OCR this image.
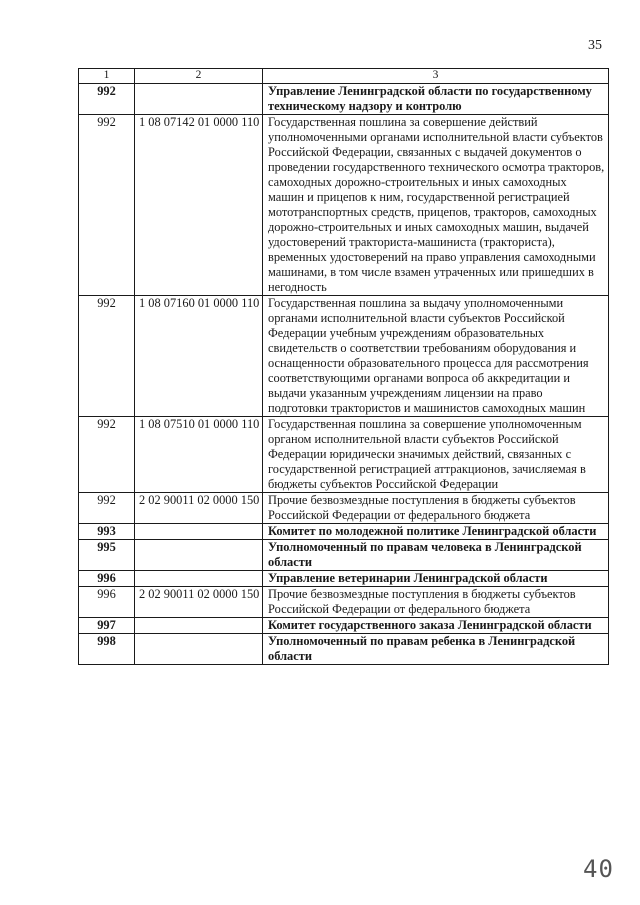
35
1	2	3
992		Управление Ленинградской области по государственному техническому надзору и контролю
992	1 08 07142 01 0000 110	Государственная пошлина за совершение действий уполномоченными органами исполнительной власти субъектов Российской Федерации, связанных с выдачей документов о проведении государственного технического осмотра тракторов, самоходных дорожно-строительных и иных самоходных машин и прицепов к ним, государственной регистрацией мототранспортных средств, прицепов, тракторов, самоходных дорожно-строительных и иных самоходных машин, выдачей удостоверений тракториста-машиниста (тракториста), временных удостоверений на право управления самоходными машинами, в том числе взамен утраченных или пришедших в негодность
992	1 08 07160 01 0000 110	Государственная пошлина за выдачу уполномоченными органами исполнительной власти субъектов Российской Федерации учебным учреждениям образовательных свидетельств о соответствии требованиям оборудования и оснащенности образовательного процесса для рассмотрения соответствующими органами вопроса об аккредитации и выдачи указанным учреждениям лицензии на право подготовки трактористов и машинистов самоходных машин
992	1 08 07510 01 0000 110	Государственная пошлина за совершение уполномоченным органом исполнительной власти субъектов Российской Федерации юридически значимых действий, связанных с государственной регистрацией аттракционов, зачисляемая в бюджеты субъектов Российской Федерации
992	2 02 90011 02 0000 150	Прочие безвозмездные поступления в бюджеты субъектов Российской Федерации от федерального бюджета
993		Комитет по молодежной политике Ленинградской области
995		Уполномоченный по правам человека в Ленинградской области
996		Управление ветеринарии Ленинградской области
996	2 02 90011 02 0000 150	Прочие безвозмездные поступления в бюджеты субъектов Российской Федерации от федерального бюджета
997		Комитет государственного заказа Ленинградской области
998		Уполномоченный по правам ребенка в Ленинградской области
40
